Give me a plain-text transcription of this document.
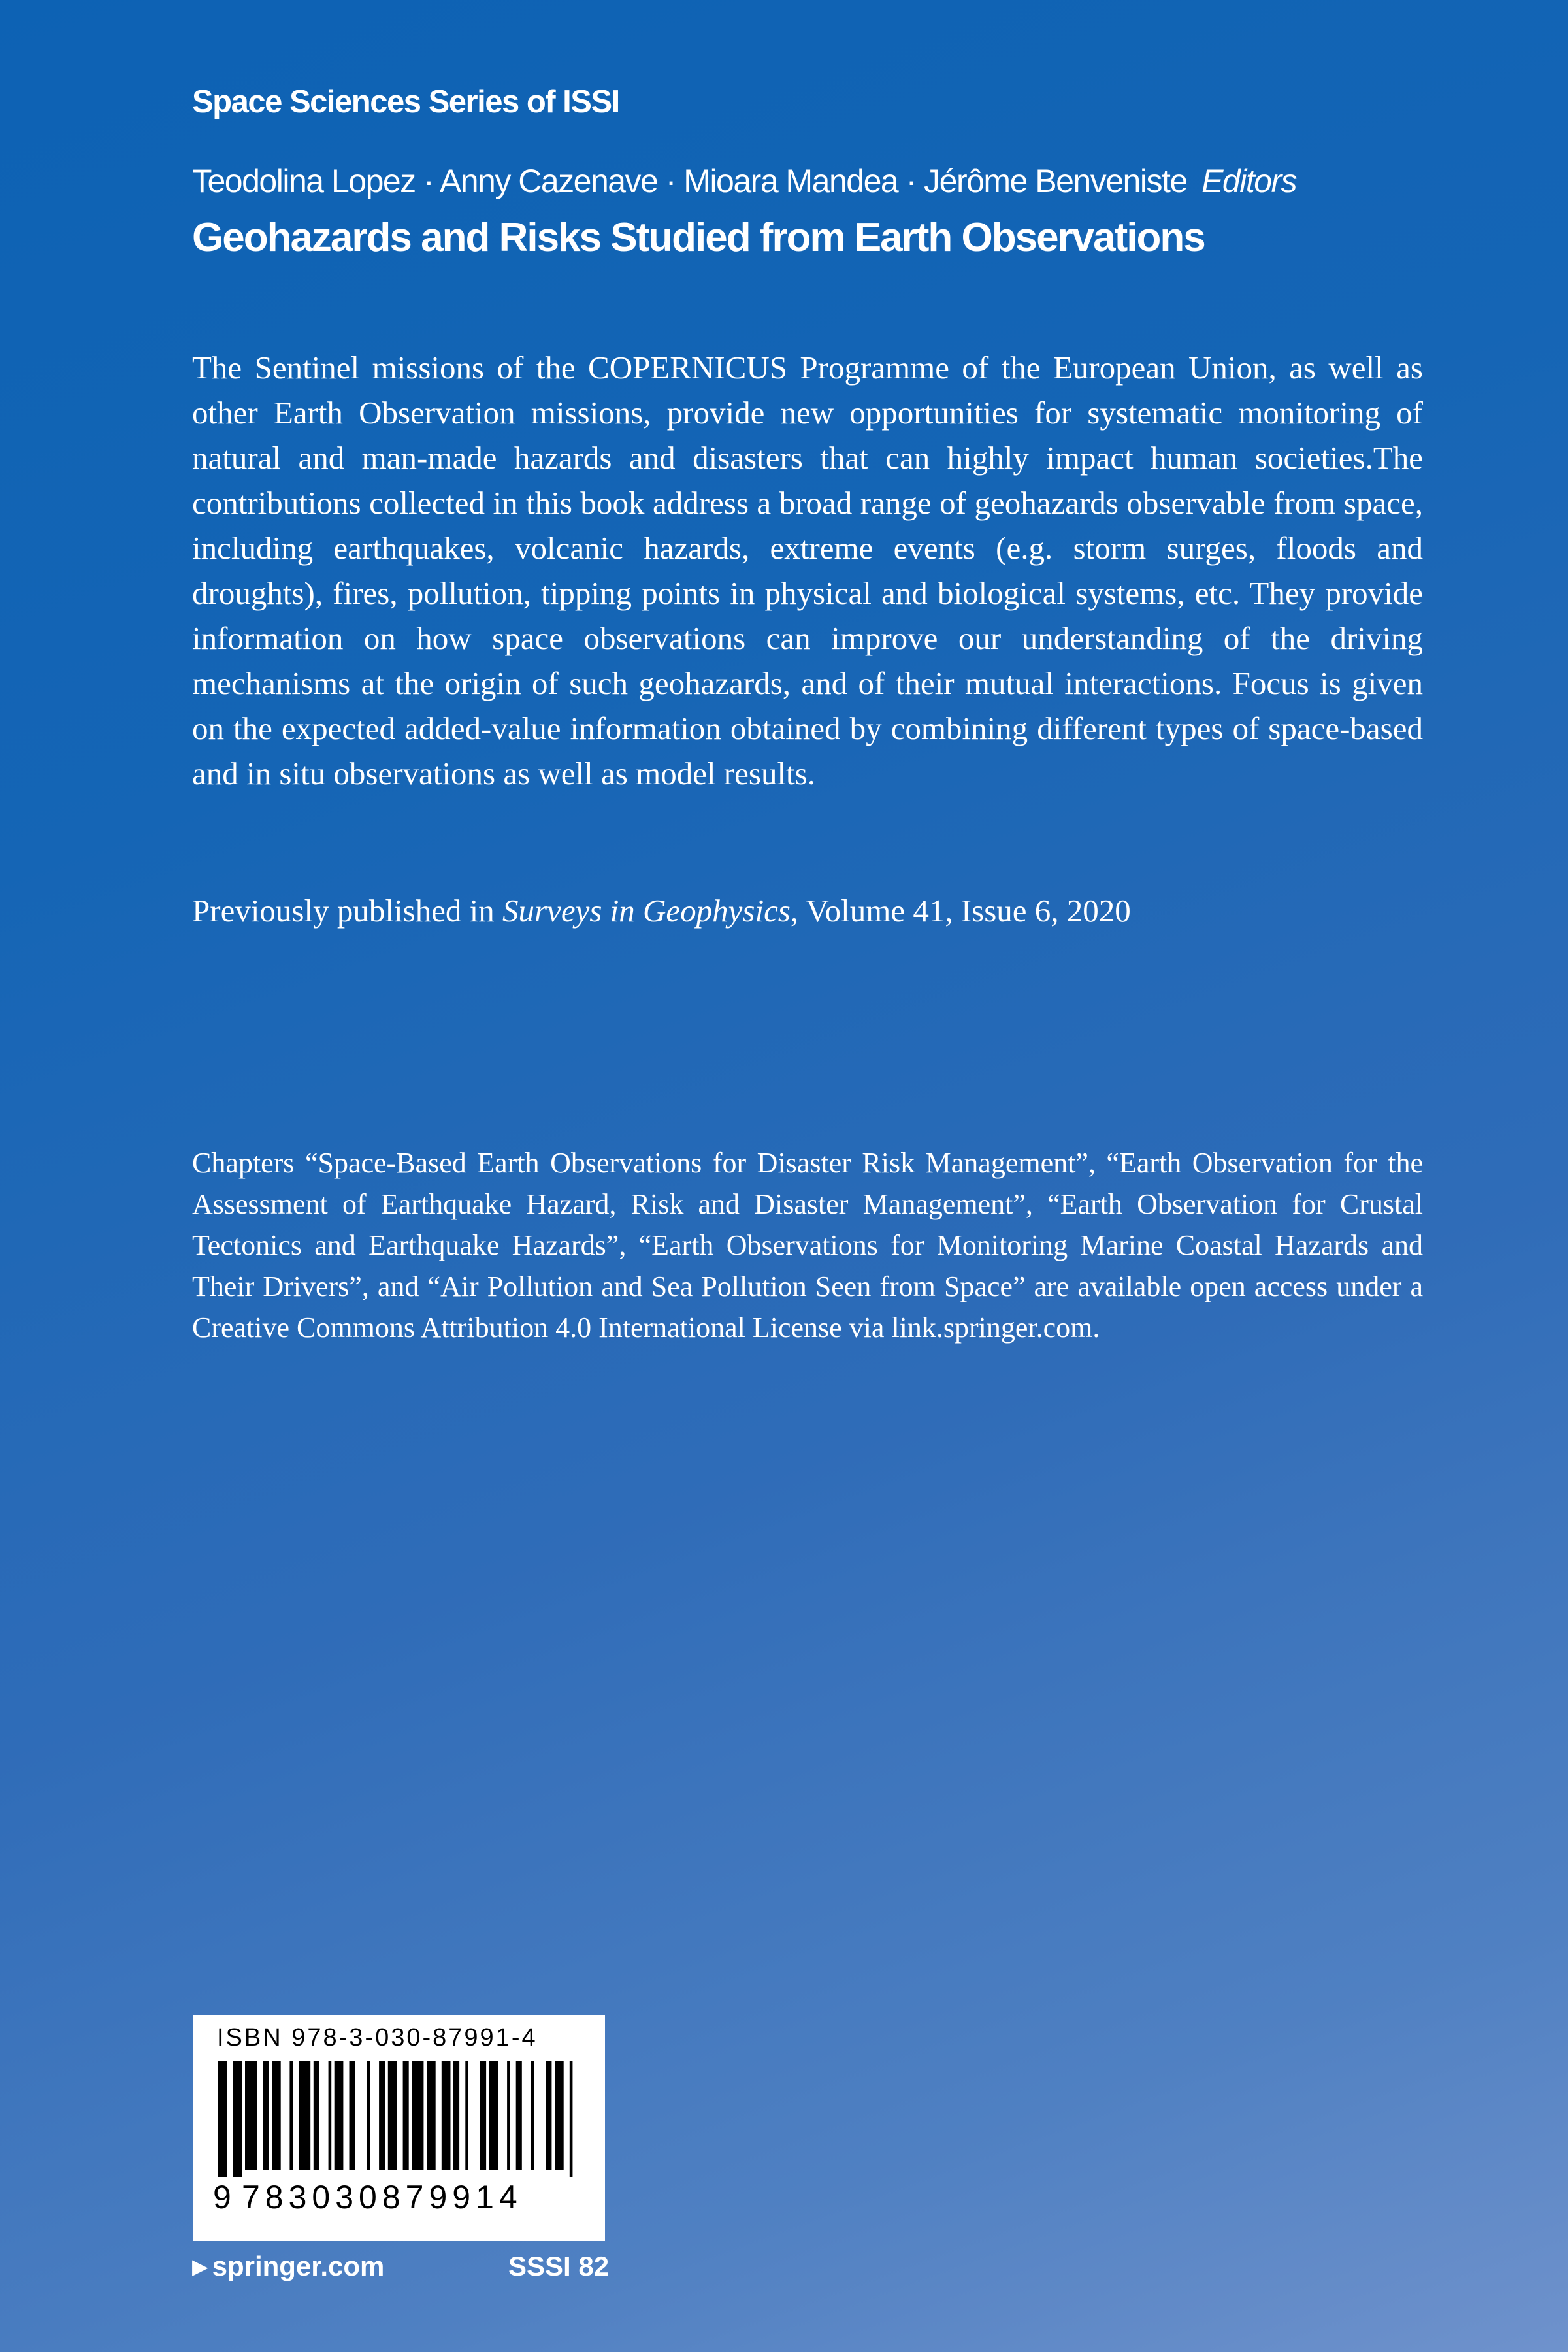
Space Sciences Series of ISSI
Teodolina Lopez · Anny Cazenave · Mioara Mandea · Jérôme Benveniste Editors
Geohazards and Risks Studied from Earth Observations

The Sentinel missions of the COPERNICUS Programme of the European Union, as well as other Earth Observation missions, provide new opportunities for systematic monitoring of natural and man-made hazards and disasters that can highly impact human societies.The contributions collected in this book address a broad range of geohazards observable from space, including earthquakes, volcanic hazards, extreme events (e.g. storm surges, floods and droughts), fires, pollution, tipping points in physical and biological systems, etc. They provide information on how space observations can improve our understanding of the driving mechanisms at the origin of such geohazards, and of their mutual interactions. Focus is given on the expected added-value information obtained by combining different types of space-based and in situ observations as well as model results.

Previously published in Surveys in Geophysics, Volume 41, Issue 6, 2020

Chapters “Space-Based Earth Observations for Disaster Risk Management”, “Earth Observation for the Assessment of Earthquake Hazard, Risk and Disaster Management”, “Earth Observation for Crustal Tectonics and Earthquake Hazards”, “Earth Observations for Monitoring Marine Coastal Hazards and Their Drivers”, and “Air Pollution and Sea Pollution Seen from Space” are available open access under a Creative Commons Attribution 4.0 International License via link.springer.com.

ISBN 978-3-030-87991-4
9 783030879914
▶ springer.com	SSSI 82
